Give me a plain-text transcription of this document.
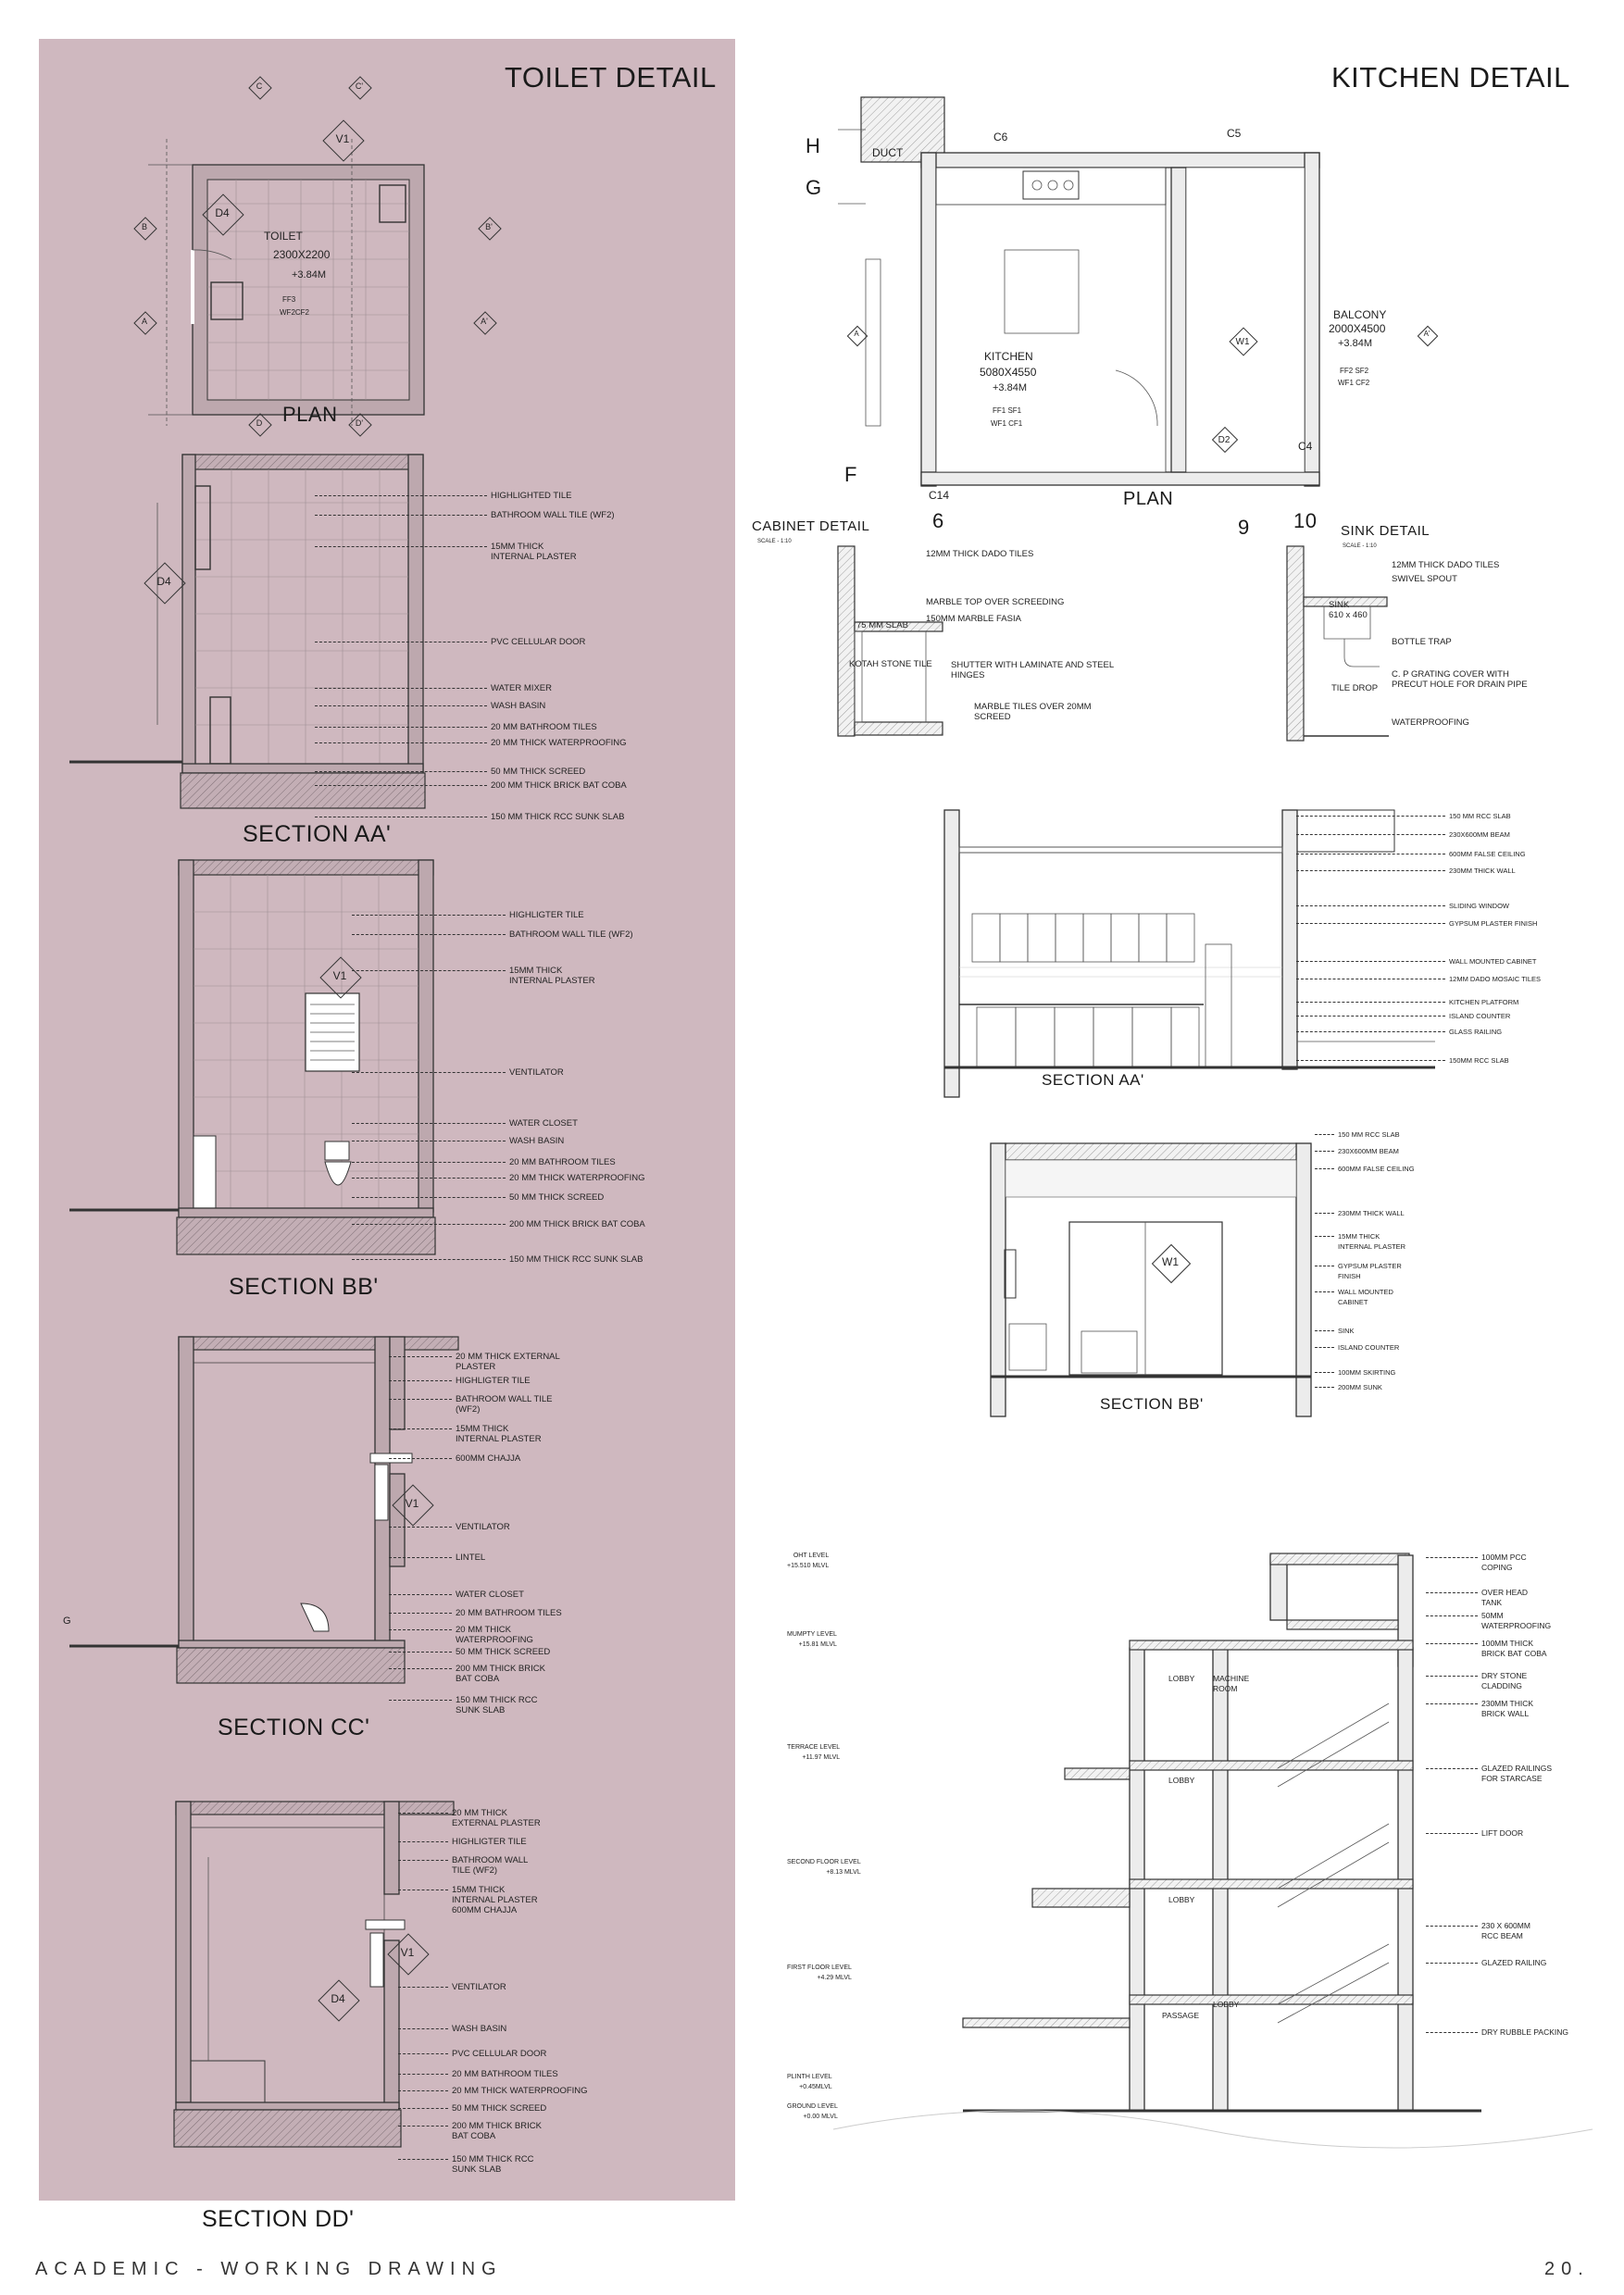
TOILET DETAIL
V1
D4
A	A'
B	B'
C	C'
D	D'
TOILET
2300X2200
+3.84M
FF3
WF2CF2
PLAN
D4
SECTION AA'
V1
SECTION BB'
V1
G
SECTION CC'
D4
V1
SECTION DD'
HIGHLIGHTED TILE
BATHROOM WALL TILE (WF2)
15MM THICK
INTERNAL PLASTER
PVC CELLULAR DOOR
WATER MIXER
WASH BASIN
20 MM BATHROOM TILES
20 MM THICK WATERPROOFING
50 MM THICK SCREED
200 MM THICK BRICK BAT COBA
150 MM THICK RCC SUNK SLAB
HIGHLIGTER TILE
BATHROOM WALL TILE (WF2)
15MM THICK
INTERNAL PLASTER
VENTILATOR
WATER CLOSET
WASH BASIN
20 MM BATHROOM TILES
20 MM THICK WATERPROOFING
50 MM THICK SCREED
200 MM THICK BRICK BAT COBA
150 MM THICK RCC SUNK SLAB
20 MM THICK EXTERNAL
PLASTER
HIGHLIGTER TILE
BATHROOM WALL TILE
(WF2)
15MM THICK
INTERNAL PLASTER
600MM CHAJJA
VENTILATOR
LINTEL
WATER CLOSET
20 MM BATHROOM TILES
20 MM THICK
WATERPROOFING
50 MM THICK SCREED
200 MM THICK BRICK
BAT COBA
150 MM THICK RCC
SUNK SLAB
20 MM THICK
EXTERNAL PLASTER
HIGHLIGTER TILE
BATHROOM WALL
TILE (WF2)
15MM THICK
INTERNAL PLASTER
600MM CHAJJA
VENTILATOR
WASH BASIN
PVC CELLULAR DOOR
20 MM BATHROOM TILES
20 MM THICK WATERPROOFING
50 MM THICK SCREED
200 MM THICK BRICK
BAT COBA
150 MM THICK RCC
SUNK SLAB
KITCHEN DETAIL
DUCT
H
G
F
6	9 10
C6	C5
C14
C4
KITCHEN
5080X4550
+3.84M
FF1 SF1
WF1 CF1
BALCONY
2000X4500
+3.84M
FF2 SF2
WF1 CF2
W1
D2
A	A'
PLAN
CABINET DETAIL
SCALE - 1:10
SINK DETAIL
SCALE - 1:10
SECTION AA'
W1
SECTION BB'
12MM THICK DADO TILES
MARBLE TOP OVER SCREEDING
150MM MARBLE FASIA
75 MM SLAB
KOTAH STONE TILE SHUTTER WITH LAMINATE AND STEEL
HINGES
MARBLE TILES OVER 20MM
SCREED
12MM THICK DADO TILES
SWIVEL SPOUT
SINK
610 x 460
BOTTLE TRAP
C. P GRATING COVER WITH
PRECUT HOLE FOR DRAIN PIPE
TILE DROP
WATERPROOFING
150 MM RCC SLAB
230X600MM BEAM
600MM FALSE CEILING
230MM THICK WALL
SLIDING WINDOW
GYPSUM PLASTER FINISH
WALL MOUNTED CABINET
12MM DADO MOSAIC TILES
KITCHEN PLATFORM
ISLAND COUNTER
GLASS RAILING
150MM RCC SLAB
150 MM RCC SLAB
230X600MM BEAM
600MM FALSE CEILING
230MM THICK WALL
15MM THICK
INTERNAL PLASTER
GYPSUM PLASTER
FINISH
WALL MOUNTED
CABINET
SINK
ISLAND COUNTER
100MM SKIRTING
200MM SUNK
100MM PCC
COPING
OVER HEAD
TANK
50MM
WATERPROOFING
100MM THICK
BRICK BAT COBA
DRY STONE
CLADDING
230MM THICK
BRICK WALL
GLAZED RAILINGS
FOR STARCASE
LIFT DOOR
230 X 600MM
RCC BEAM
GLAZED RAILING
DRY RUBBLE PACKING
OHT LEVEL
+15.510 MLVL
MUMPTY LEVEL
+15.81 MLVL
TERRACE LEVEL
+11.97 MLVL
SECOND FLOOR LEVEL
+8.13 MLVL
FIRST FLOOR LEVEL
+4.29 MLVL
PLINTH LEVEL
+0.45MLVL
GROUND LEVEL
+0.00 MLVL
LOBBY MACHINE
ROOM
LOBBY
LOBBY
PASSAGE
LOBBY
ACADEMIC - WORKING DRAWING	20.
